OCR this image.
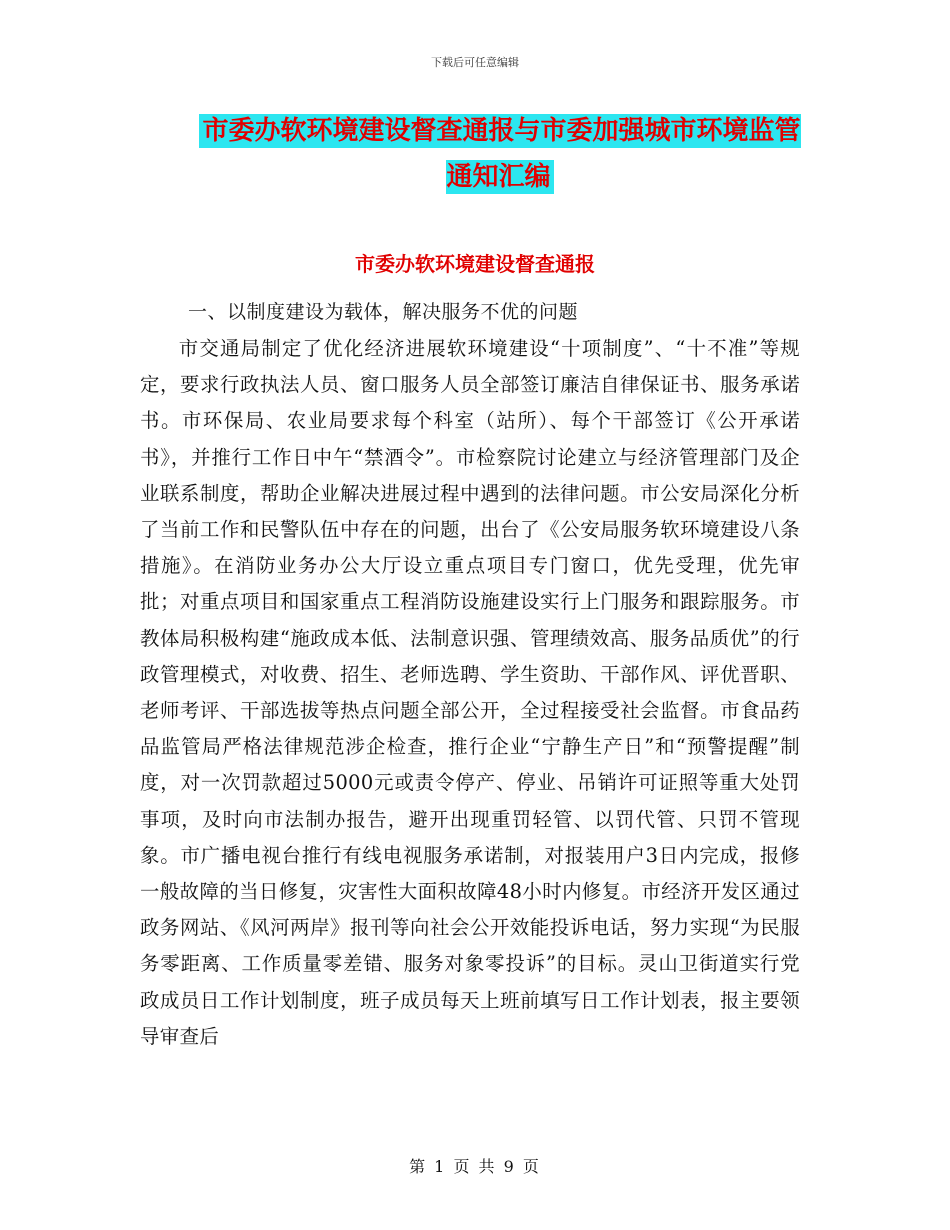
下载后可任意编辑
市委办软环境建设督查通报与市委加强城市环境监管通知汇编
市委办软环境建设督查通报

一、以制度建设为载体，解决服务不优的问题

市交通局制定了优化经济进展软环境建设“十项制度”、“十不准”等规定，要求行政执法人员、窗口服务人员全部签订廉洁自律保证书、服务承诺书。市环保局、农业局要求每个科室（站所）、每个干部签订《公开承诺书》，并推行工作日中午“禁酒令”。市检察院讨论建立与经济管理部门及企业联系制度，帮助企业解决进展过程中遇到的法律问题。市公安局深化分析了当前工作和民警队伍中存在的问题，出台了《公安局服务软环境建设八条措施》。在消防业务办公大厅设立重点项目专门窗口，优先受理，优先审批；对重点项目和国家重点工程消防设施建设实行上门服务和跟踪服务。市教体局积极构建“施政成本低、法制意识强、管理绩效高、服务品质优”的行政管理模式，对收费、招生、老师选聘、学生资助、干部作风、评优晋职、老师考评、干部选拔等热点问题全部公开，全过程接受社会监督。市食品药品监管局严格法律规范涉企检查，推行企业“宁静生产日”和“预警提醒”制度，对一次罚款超过5000元或责令停产、停业、吊销许可证照等重大处罚事项，及时向市法制办报告，避开出现重罚轻管、以罚代管、只罚不管现象。市广播电视台推行有线电视服务承诺制，对报装用户3日内完成，报修一般故障的当日修复，灾害性大面积故障48小时内修复。市经济开发区通过政务网站、《风河两岸》报刊等向社会公开效能投诉电话，努力实现“为民服务零距离、工作质量零差错、服务对象零投诉”的目标。灵山卫街道实行党政成员日工作计划制度，班子成员每天上班前填写日工作计划表，报主要领导审查后

第 1 页 共 9 页
